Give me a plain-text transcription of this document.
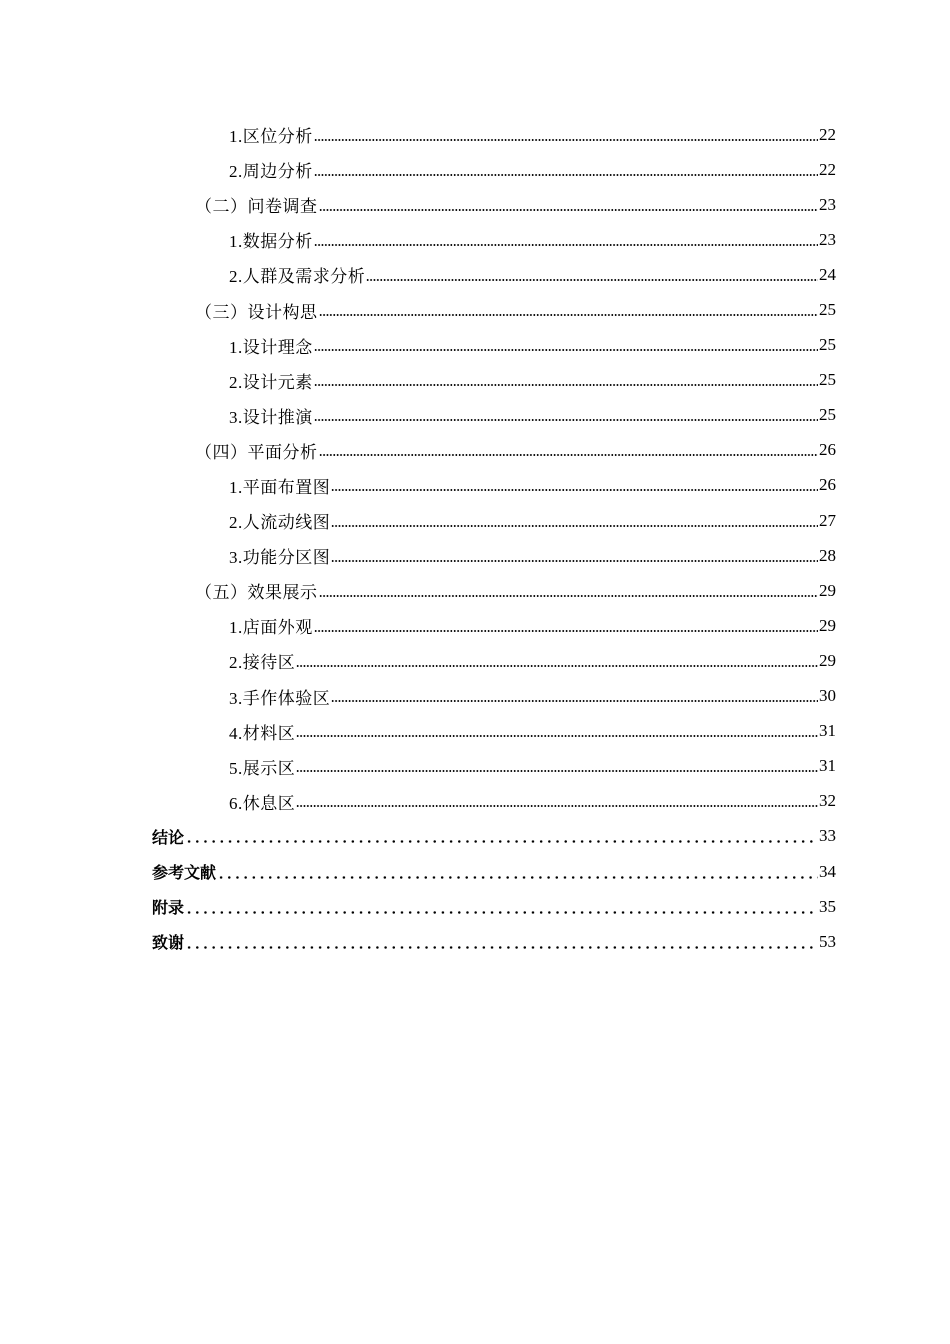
1.区位分析	22
2.周边分析	22
（二）问卷调查	23
1.数据分析	23
2.人群及需求分析	24
（三）设计构思	25
1.设计理念	25
2.设计元素	25
3.设计推演	25
（四）平面分析	26
1.平面布置图	26
2.人流动线图	27
3.功能分区图	28
（五）效果展示	29
1.店面外观	29
2.接待区	29
3.手作体验区	30
4.材料区	31
5.展示区	31
6.休息区	32
结论	33
参考文献	34
附录	35
致谢	53
